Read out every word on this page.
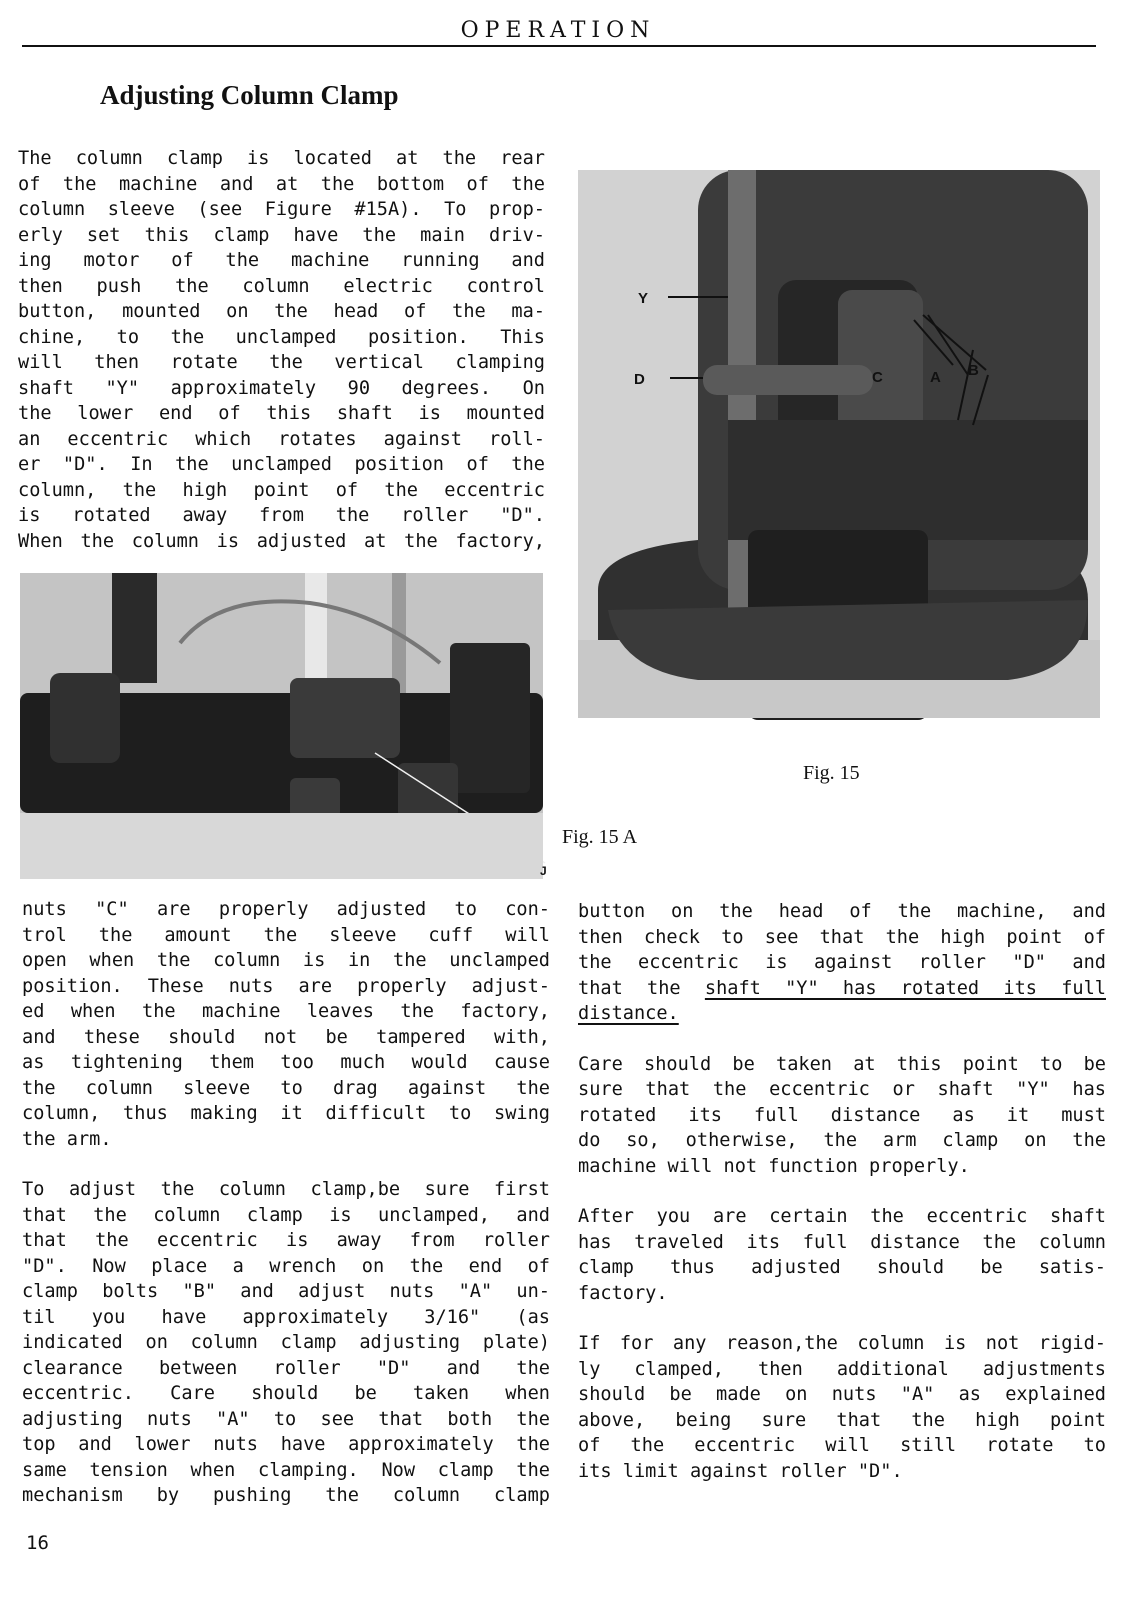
OPERATION
Adjusting Column Clamp

The column clamp is located at the rear

of the machine and at the bottom of the

column sleeve (see Figure #15A). To prop-

erly set this clamp have the main driv-

ing motor of the machine running and

then push the column electric control

button, mounted on the head of the ma-

chine, to the unclamped position. This

will then rotate the vertical clamping

shaft "Y" approximately 90 degrees. On

the lower end of this shaft is mounted

an eccentric which rotates against roll-

er "D". In the unclamped position of the

column, the high point of the eccentric

is rotated away from the roller "D".

When the column is adjusted at the factory,

J
Y
D	C	A B
Fig. 15
Fig. 15 A

nuts "C" are properly adjusted to con-

trol the amount the sleeve cuff will

open when the column is in the unclamped

position. These nuts are properly adjust-

ed when the machine leaves the factory,

and these should not be tampered with,

as tightening them too much would cause

the column sleeve to drag against the

column, thus making it difficult to swing

the arm.

To adjust the column clamp,be sure first

that the column clamp is unclamped, and

that the eccentric is away from roller

"D". Now place a wrench on the end of

clamp bolts "B" and adjust nuts "A" un-

til you have approximately 3/16" (as

indicated on column clamp adjusting plate)

clearance between roller "D" and the

eccentric. Care should be taken when

adjusting nuts "A" to see that both the

top and lower nuts have approximately the

same tension when clamping. Now clamp the

mechanism by pushing the column clamp

button on the head of the machine, and

then check to see that the high point of

the eccentric is against roller "D" and

that the shaft "Y" has rotated its full

distance.

Care should be taken at this point to be

sure that the eccentric or shaft "Y" has

rotated its full distance as it must

do so, otherwise, the arm clamp on the

machine will not function properly.

After you are certain the eccentric shaft

has traveled its full distance the column

clamp thus adjusted should be satis-

factory.

If for any reason,the column is not rigid-

ly clamped, then additional adjustments

should be made on nuts "A" as explained

above, being sure that the high point

of the eccentric will still rotate to

its limit against roller "D".

16
